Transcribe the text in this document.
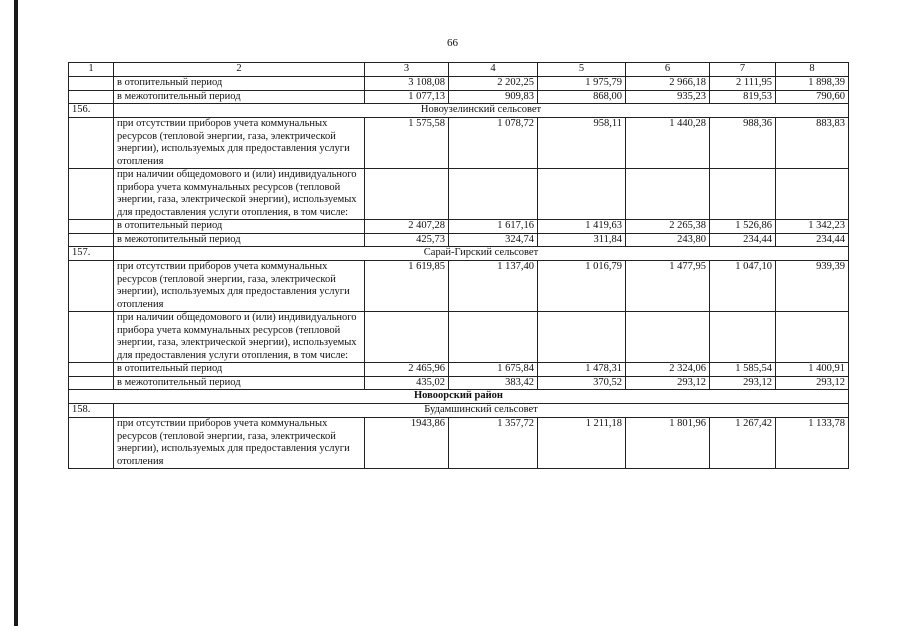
66
1	2	3	4	5	6	7	8
	в отопительный период	3 108,08	2 202,25	1 975,79	2 966,18	2 111,95	1 898,39
	в межотопительный период	1 077,13	909,83	868,00	935,23	819,53	790,60
156.	Новоузелинский сельсовет						
	при отсутствии приборов учета коммунальных ресурсов (тепловой энергии, газа, электрической энергии), используемых для предоставления услуги отопления	1 575,58	1 078,72	958,11	1 440,28	988,36	883,83
	при наличии общедомового и (или) индивидуального прибора учета коммунальных ресурсов (тепловой энергии, газа, электрической энергии), используемых для предоставления услуги отопления, в том числе:						
	в отопительный период	2 407,28	1 617,16	1 419,63	2 265,38	1 526,86	1 342,23
	в межотопительный период	425,73	324,74	311,84	243,80	234,44	234,44
157.	Сарай-Гирский сельсовет						
	при отсутствии приборов учета коммунальных ресурсов (тепловой энергии, газа, электрической энергии), используемых для предоставления услуги отопления	1 619,85	1 137,40	1 016,79	1 477,95	1 047,10	939,39
	при наличии общедомового и (или) индивидуального прибора учета коммунальных ресурсов (тепловой энергии, газа, электрической энергии), используемых для предоставления услуги отопления, в том числе:						
	в отопительный период	2 465,96	1 675,84	1 478,31	2 324,06	1 585,54	1 400,91
	в межотопительный период	435,02	383,42	370,52	293,12	293,12	293,12
Новоорский район							
158.	Будамшинский сельсовет						
	при отсутствии приборов учета коммунальных ресурсов (тепловой энергии, газа, электрической энергии), используемых для предоставления услуги отопления	1943,86	1 357,72	1 211,18	1 801,96	1 267,42	1 133,78
